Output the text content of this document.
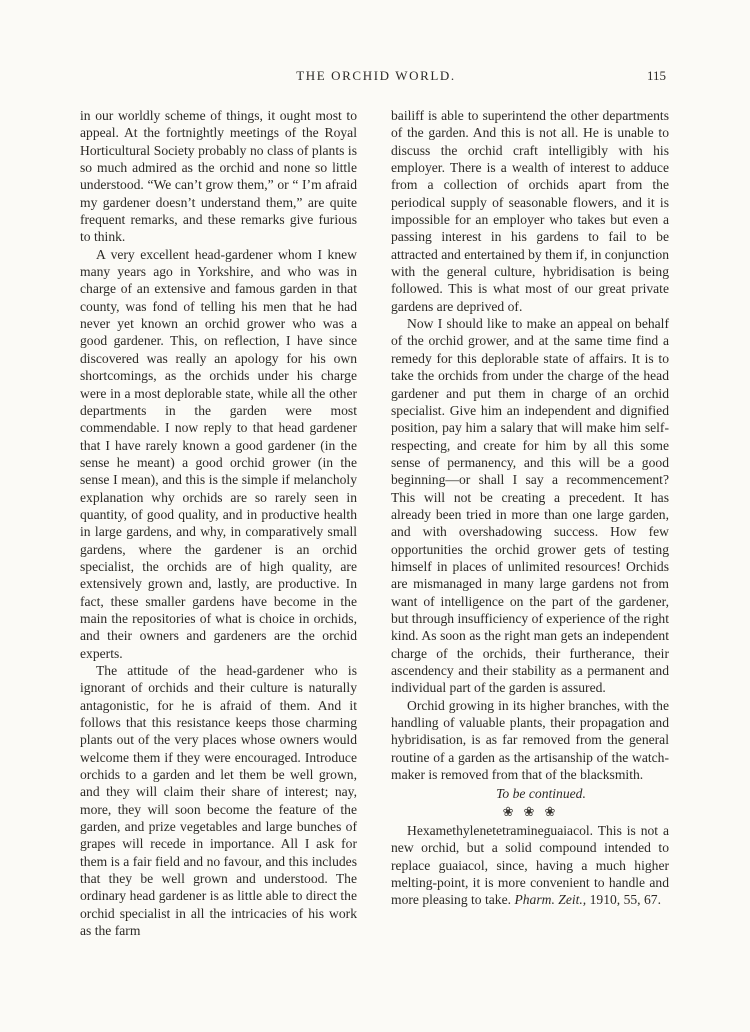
THE ORCHID WORLD.	115

in our worldly scheme of things, it ought most to appeal. At the fortnightly meetings of the Royal Horticultural Society probably no class of plants is so much admired as the orchid and none so little understood. “We can’t grow them,” or “ I’m afraid my gardener doesn’t understand them,” are quite frequent remarks, and these remarks give furious to think.

A very excellent head-gardener whom I knew many years ago in Yorkshire, and who was in charge of an extensive and famous garden in that county, was fond of telling his men that he had never yet known an orchid grower who was a good gardener. This, on reflection, I have since discovered was really an apology for his own shortcomings, as the orchids under his charge were in a most deplorable state, while all the other departments in the garden were most commendable. I now reply to that head gardener that I have rarely known a good gardener (in the sense he meant) a good orchid grower (in the sense I mean), and this is the simple if melancholy explanation why orchids are so rarely seen in quantity, of good quality, and in productive health in large gardens, and why, in comparatively small gardens, where the gardener is an orchid specialist, the orchids are of high quality, are extensively grown and, lastly, are productive. In fact, these smaller gardens have become in the main the repositories of what is choice in orchids, and their owners and gardeners are the orchid experts.

The attitude of the head-gardener who is ignorant of orchids and their culture is naturally antagonistic, for he is afraid of them. And it follows that this resistance keeps those charming plants out of the very places whose owners would welcome them if they were encouraged. Introduce orchids to a garden and let them be well grown, and they will claim their share of interest; nay, more, they will soon become the feature of the garden, and prize vegetables and large bunches of grapes will recede in importance. All I ask for them is a fair field and no favour, and this includes that they be well grown and understood. The ordinary head gardener is as little able to direct the orchid specialist in all the intricacies of his work as the farm

bailiff is able to superintend the other departments of the garden. And this is not all. He is unable to discuss the orchid craft intelligibly with his employer. There is a wealth of interest to adduce from a collection of orchids apart from the periodical supply of seasonable flowers, and it is impossible for an employer who takes but even a passing interest in his gardens to fail to be attracted and entertained by them if, in conjunction with the general culture, hybridisation is being followed. This is what most of our great private gardens are deprived of.

Now I should like to make an appeal on behalf of the orchid grower, and at the same time find a remedy for this deplorable state of affairs. It is to take the orchids from under the charge of the head gardener and put them in charge of an orchid specialist. Give him an independent and dignified position, pay him a salary that will make him self-respecting, and create for him by all this some sense of permanency, and this will be a good beginning—or shall I say a recommencement? This will not be creating a precedent. It has already been tried in more than one large garden, and with overshadowing success. How few opportunities the orchid grower gets of testing himself in places of unlimited resources! Orchids are mismanaged in many large gardens not from want of intelligence on the part of the gardener, but through insufficiency of experience of the right kind. As soon as the right man gets an independent charge of the orchids, their furtherance, their ascendency and their stability as a permanent and individual part of the garden is assured.

Orchid growing in its higher branches, with the handling of valuable plants, their propagation and hybridisation, is as far removed from the general routine of a garden as the artisanship of the watch-maker is removed from that of the blacksmith.

To be continued.
❀❀❀

Hexamethylenetetramineguaiacol. This is not a new orchid, but a solid compound intended to replace guaiacol, since, having a much higher melting-point, it is more convenient to handle and more pleasing to take. Pharm. Zeit., 1910, 55, 67.
